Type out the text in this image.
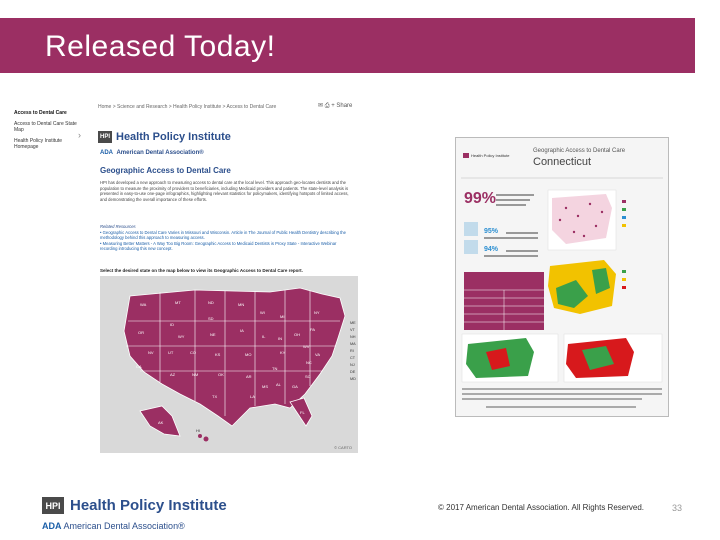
Released Today!
Access to Dental Care
Access to Dental Care State Map
Health Policy Institute Homepage
›
Home > Science and Research > Health Policy Institute > Access to Dental Care	✉ ⎙ + Share
HPI Health Policy Institute
ADA American Dental Association®
Geographic Access to Dental Care
HPI has developed a new approach to measuring access to dental care at the local level. This approach geo-locates dentists and the population to measure the proximity of providers to beneficiaries, including Medicaid providers and patients. The state-level analysis is presented in easy-to-use one-page infographics, highlighting relevant statistics for policymakers, identifying hotspots of limited access, and demonstrating the overall importance of these efforts.
Related Resources
• Geographic Access to Dental Care Varies in Missouri and Wisconsin. Article in The Journal of Public Health Dentistry describing the methodology behind this approach to measuring access.
• Measuring Better Matters - A Way Too Big Room: Geographic Access to Medicaid Dentists is Proxy State - Interactive Webinar recording introducing this new concept.
Select the desired state on the map below to view its Geographic Access to Dental Care report.
WA	MT	ND	MN
OR
ID
SD
WI
MI
WY	NE
IA
IL	IN
OH
NV	UT	CO	KS	MO	KY
WV
VA
CA
AZ	NM	OK	AR
TN
NC
SC
TX	LA
MS AL	GA
FL
AK
HI
NY
PA
ME
VT
NH
MA
RI
CT
NJ
DE
MD
© CARTO
Health Policy Institute
Geographic Access to Dental Care
Connecticut
99%
95%
94%
HPI Health Policy Institute
ADA American Dental Association®
© 2017 American Dental Association. All Rights Reserved.	33
